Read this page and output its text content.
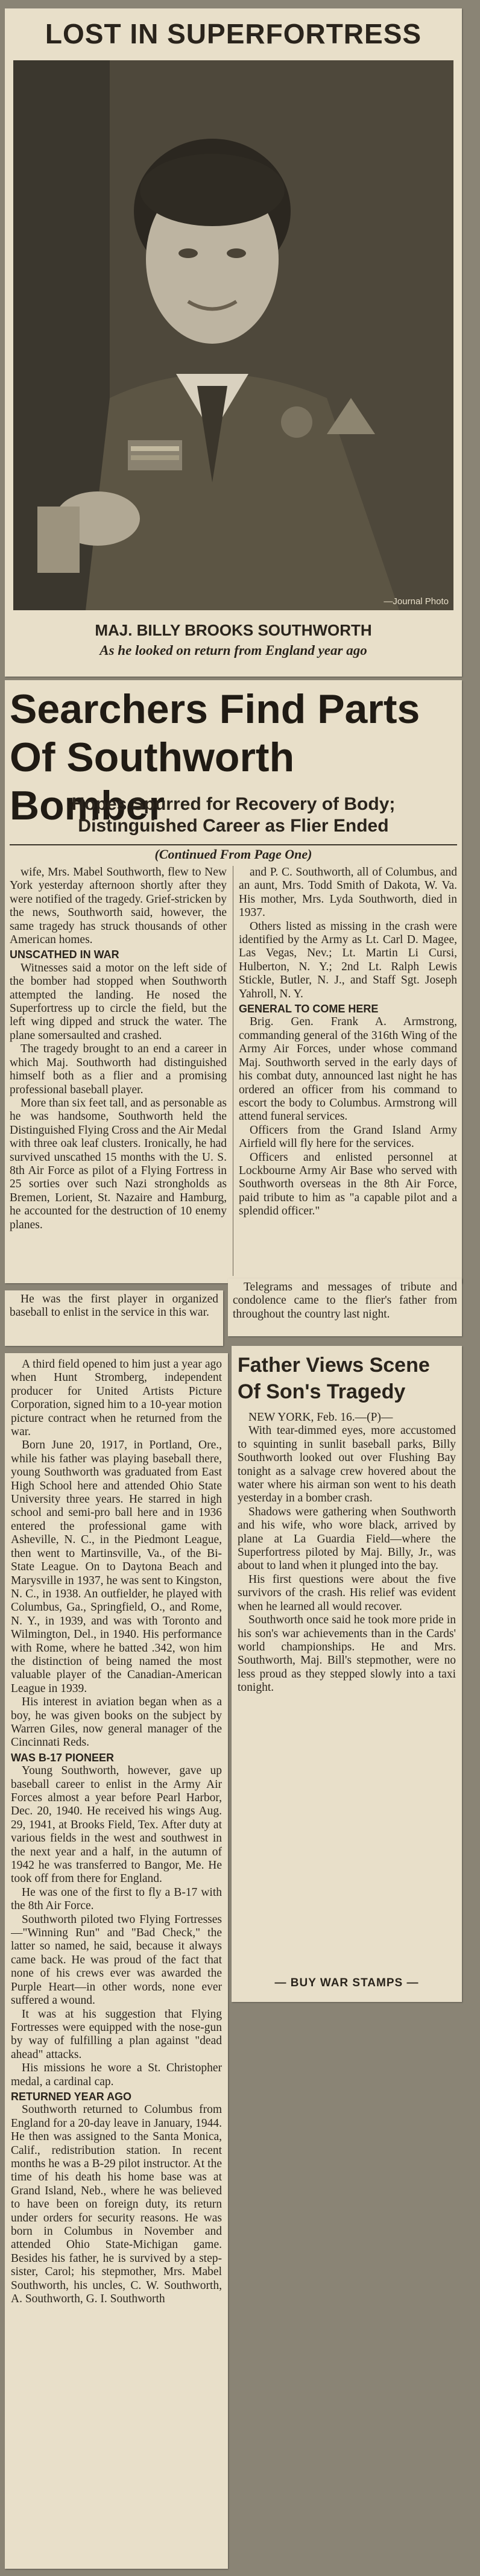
LOST IN SUPERFORTRESS
—Journal Photo
MAJ. BILLY BROOKS SOUTHWORTH
As he looked on return from England year ago
Searchers Find Parts
Of Southworth Bomber
Hopes Spurred for Recovery of Body;
Distinguished Career as Flier Ended
(Continued From Page One)

wife, Mrs. Mabel Southworth, flew to New York yesterday afternoon shortly after they were notified of the tragedy. Grief-stricken by the news, Southworth said, however, the same tragedy has struck thousands of other American homes.

UNSCATHED IN WAR

Witnesses said a motor on the left side of the bomber had stopped when Southworth attempted the landing. He nosed the Superfortress up to circle the field, but the left wing dipped and struck the water. The plane somersaulted and crashed.

The tragedy brought to an end a career in which Maj. Southworth had distinguished himself both as a flier and a promising professional baseball player.

More than six feet tall, and as personable as he was handsome, Southworth held the Distinguished Flying Cross and the Air Medal with three oak leaf clusters. Ironically, he had survived unscathed 15 months with the U. S. 8th Air Force as pilot of a Flying Fortress in 25 sorties over such Nazi strongholds as Bremen, Lorient, St. Nazaire and Hamburg, he accounted for the destruction of 10 enemy planes.

and P. C. Southworth, all of Columbus, and an aunt, Mrs. Todd Smith of Dakota, W. Va. His mother, Mrs. Lyda Southworth, died in 1937.

Others listed as missing in the crash were identified by the Army as Lt. Carl D. Magee, Las Vegas, Nev.; Lt. Martin Li Cursi, Hulberton, N. Y.; 2nd Lt. Ralph Lewis Stickle, Butler, N. J., and Staff Sgt. Joseph Yahroll, N. Y.

GENERAL TO COME HERE

Brig. Gen. Frank A. Armstrong, commanding general of the 316th Wing of the Army Air Forces, under whose command Maj. Southworth served in the early days of his combat duty, announced last night he has ordered an officer from his command to escort the body to Columbus. Armstrong will attend funeral services.

Officers from the Grand Island Army Airfield will fly here for the services.

Officers and enlisted personnel at Lockbourne Army Air Base who served with Southworth overseas in the 8th Air Force, paid tribute to him as "a capable pilot and a splendid officer."

He was the first player in organized baseball to enlist in the service in this war.
Telegrams and messages of tribute and condolence came to the flier's father from throughout the country last night.

A third field opened to him just a year ago when Hunt Stromberg, independent producer for United Artists Picture Corporation, signed him to a 10-year motion picture contract when he returned from the war.

Born June 20, 1917, in Portland, Ore., while his father was playing baseball there, young Southworth was graduated from East High School here and attended Ohio State University three years. He starred in high school and semi-pro ball here and in 1936 entered the professional game with Asheville, N. C., in the Piedmont League, then went to Martinsville, Va., of the Bi-State League. On to Daytona Beach and Marysville in 1937, he was sent to Kingston, N. C., in 1938. An outfielder, he played with Columbus, Ga., Springfield, O., and Rome, N. Y., in 1939, and was with Toronto and Wilmington, Del., in 1940. His performance with Rome, where he batted .342, won him the distinction of being named the most valuable player of the Canadian-American League in 1939.

His interest in aviation began when as a boy, he was given books on the subject by Warren Giles, now general manager of the Cincinnati Reds.

WAS B-17 PIONEER

Young Southworth, however, gave up baseball career to enlist in the Army Air Forces almost a year before Pearl Harbor, Dec. 20, 1940. He received his wings Aug. 29, 1941, at Brooks Field, Tex. After duty at various fields in the west and southwest in the next year and a half, in the autumn of 1942 he was transferred to Bangor, Me. He took off from there for England.

He was one of the first to fly a B-17 with the 8th Air Force.

Southworth piloted two Flying Fortresses—"Winning Run" and "Bad Check," the latter so named, he said, because it always came back. He was proud of the fact that none of his crews ever was awarded the Purple Heart—in other words, none ever suffered a wound.

It was at his suggestion that Flying Fortresses were equipped with the nose-gun by way of fulfilling a plan against "dead ahead" attacks.

His missions he wore a St. Christopher medal, a cardinal cap.

RETURNED YEAR AGO

Southworth returned to Columbus from England for a 20-day leave in January, 1944. He then was assigned to the Santa Monica, Calif., redistribution station. In recent months he was a B-29 pilot instructor. At the time of his death his home base was at Grand Island, Neb., where he was believed to have been on foreign duty, its return under orders for security reasons. He was born in Columbus in November and attended Ohio State-Michigan game. Besides his father, he is survived by a step-sister, Carol; his stepmother, Mrs. Mabel Southworth, his uncles, C. W. Southworth, A. Southworth, G. I. Southworth

Father Views Scene
Of Son's Tragedy

NEW YORK, Feb. 16.—(P)—

With tear-dimmed eyes, more accustomed to squinting in sunlit baseball parks, Billy Southworth looked out over Flushing Bay tonight as a salvage crew hovered about the water where his airman son went to his death yesterday in a bomber crash.

Shadows were gathering when Southworth and his wife, who wore black, arrived by plane at La Guardia Field—where the Superfortress piloted by Maj. Billy, Jr., was about to land when it plunged into the bay.

His first questions were about the five survivors of the crash. His relief was evident when he learned all would recover.

Southworth once said he took more pride in his son's war achievements than in the Cards' world championships. He and Mrs. Southworth, Maj. Bill's stepmother, were no less proud as they stepped slowly into a taxi tonight.

— BUY WAR STAMPS —
